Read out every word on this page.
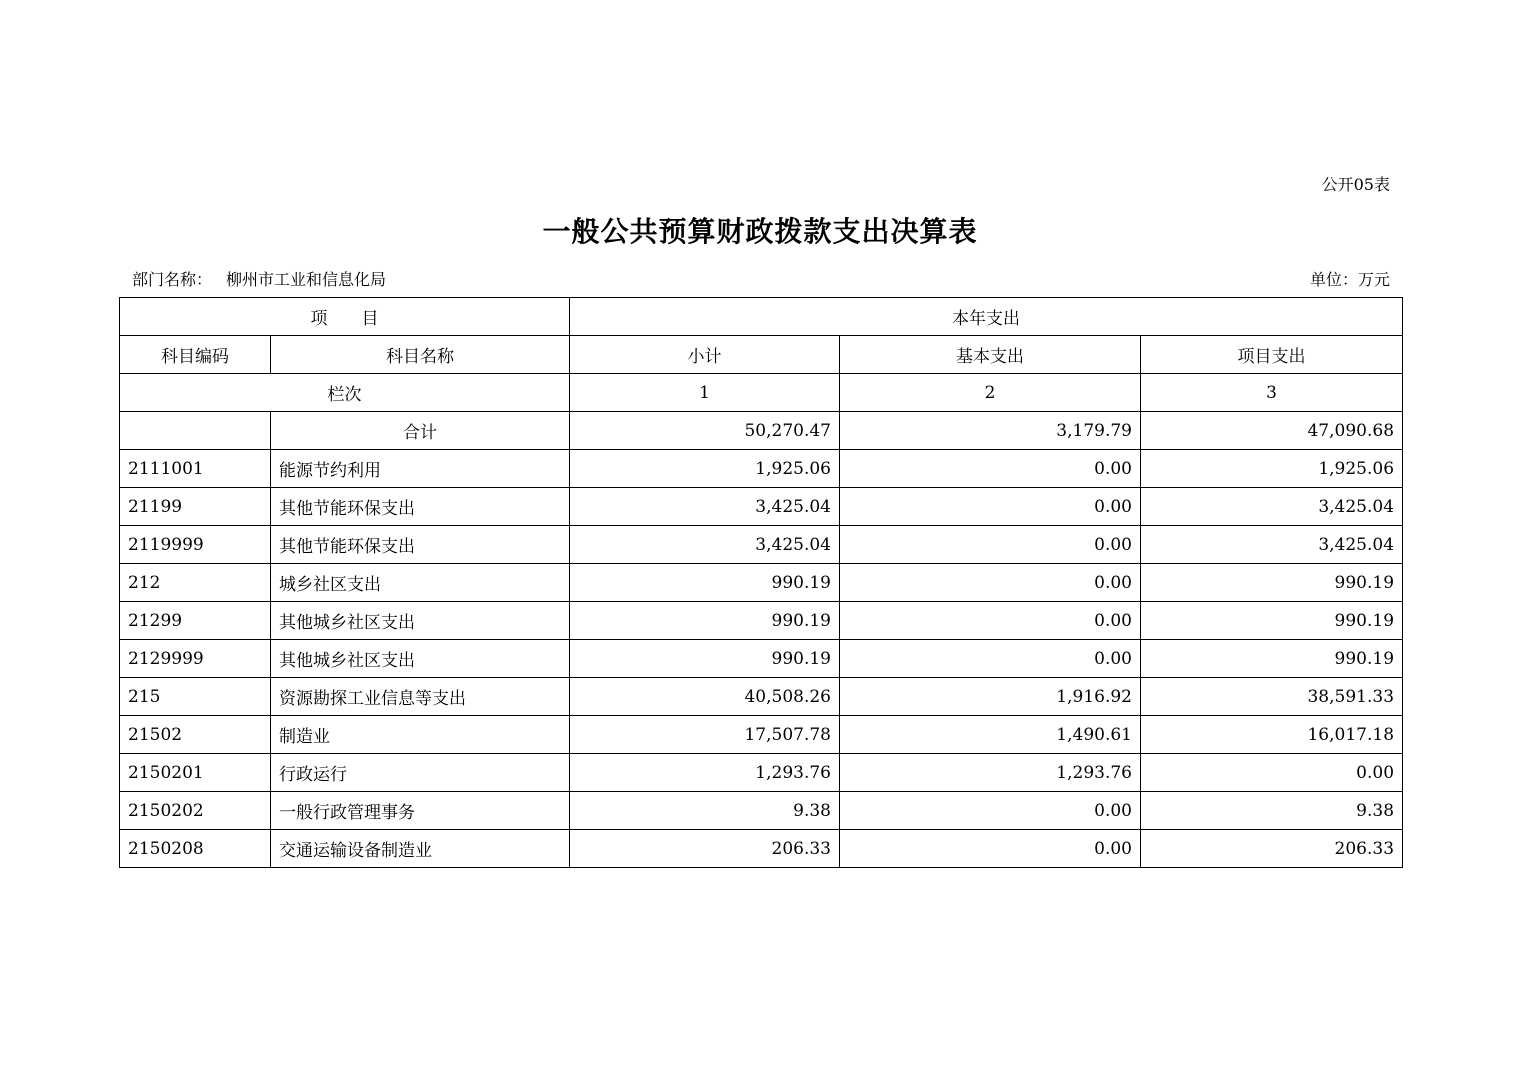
公开05表
一般公共预算财政拨款支出决算表
部门名称： 柳州市工业和信息化局	单位：万元
项　　目		本年支出		
科目编码	科目名称	小计	基本支出	项目支出
栏次		1	2	3
	合计	50,270.47	3,179.79	47,090.68
2111001	能源节约利用	1,925.06	0.00	1,925.06
21199	其他节能环保支出	3,425.04	0.00	3,425.04
2119999	其他节能环保支出	3,425.04	0.00	3,425.04
212	城乡社区支出	990.19	0.00	990.19
21299	其他城乡社区支出	990.19	0.00	990.19
2129999	其他城乡社区支出	990.19	0.00	990.19
215	资源勘探工业信息等支出	40,508.26	1,916.92	38,591.33
21502	制造业	17,507.78	1,490.61	16,017.18
2150201	行政运行	1,293.76	1,293.76	0.00
2150202	一般行政管理事务	9.38	0.00	9.38
2150208	交通运输设备制造业	206.33	0.00	206.33
